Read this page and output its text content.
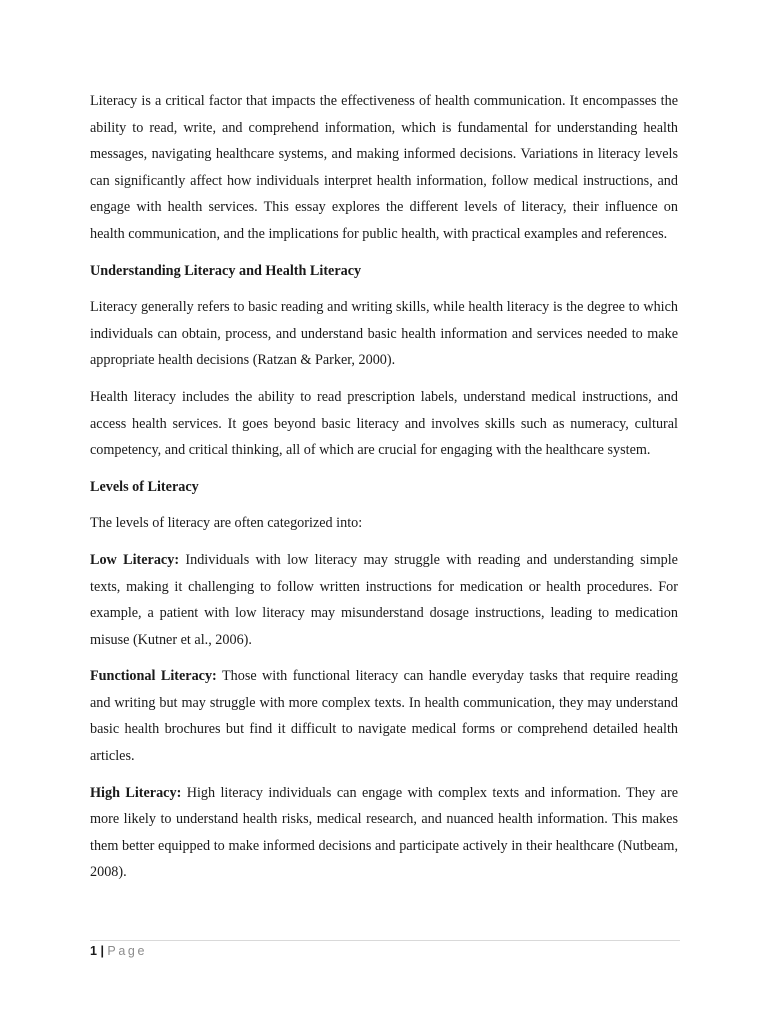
Literacy is a critical factor that impacts the effectiveness of health communication. It encompasses the ability to read, write, and comprehend information, which is fundamental for understanding health messages, navigating healthcare systems, and making informed decisions. Variations in literacy levels can significantly affect how individuals interpret health information, follow medical instructions, and engage with health services. This essay explores the different levels of literacy, their influence on health communication, and the implications for public health, with practical examples and references.

Understanding Literacy and Health Literacy

Literacy generally refers to basic reading and writing skills, while health literacy is the degree to which individuals can obtain, process, and understand basic health information and services needed to make appropriate health decisions (Ratzan & Parker, 2000).

Health literacy includes the ability to read prescription labels, understand medical instructions, and access health services. It goes beyond basic literacy and involves skills such as numeracy, cultural competency, and critical thinking, all of which are crucial for engaging with the healthcare system.

Levels of Literacy

The levels of literacy are often categorized into:

Low Literacy: Individuals with low literacy may struggle with reading and understanding simple texts, making it challenging to follow written instructions for medication or health procedures. For example, a patient with low literacy may misunderstand dosage instructions, leading to medication misuse (Kutner et al., 2006).

Functional Literacy: Those with functional literacy can handle everyday tasks that require reading and writing but may struggle with more complex texts. In health communication, they may understand basic health brochures but find it difficult to navigate medical forms or comprehend detailed health articles.

High Literacy: High literacy individuals can engage with complex texts and information. They are more likely to understand health risks, medical research, and nuanced health information. This makes them better equipped to make informed decisions and participate actively in their healthcare (Nutbeam, 2008).

1 | Page
